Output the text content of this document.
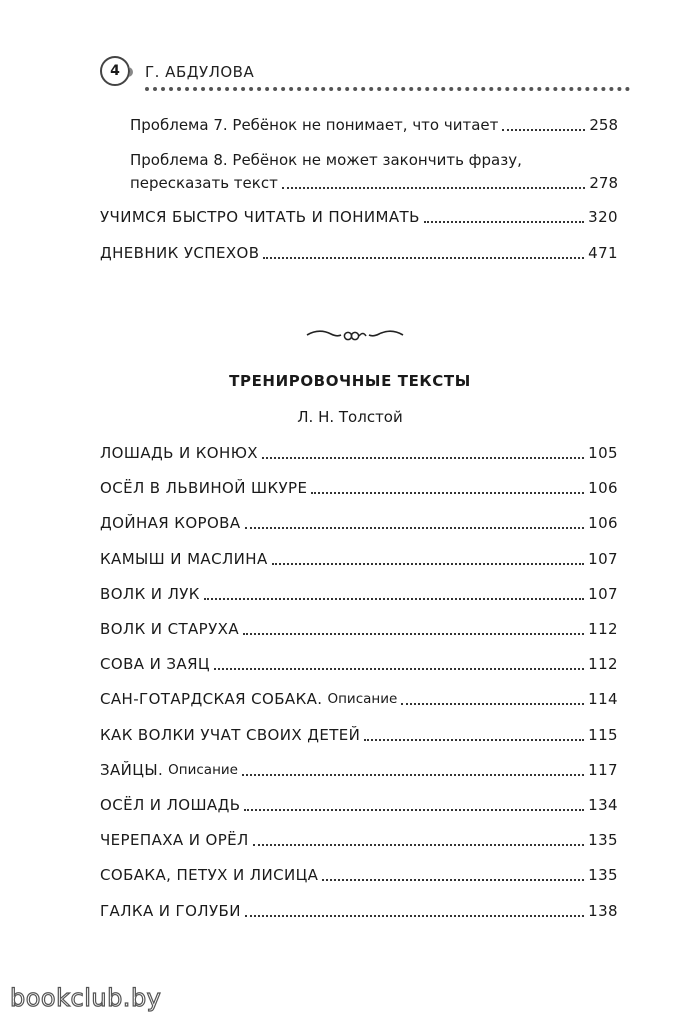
4	Г. АБДУЛОВА
Проблема 7. Ребёнок не понимает, что читает	258
Проблема 8. Ребёнок не может закончить фразу,
пересказать текст	278
УЧИМСЯ БЫСТРО ЧИТАТЬ И ПОНИМАТЬ	320
ДНЕВНИК УСПЕХОВ	471
ТРЕНИРОВОЧНЫЕ ТЕКСТЫ
Л. Н. Толстой
ЛОШАДЬ И КОНЮХ	105
ОСЁЛ В ЛЬВИНОЙ ШКУРЕ	106
ДОЙНАЯ КОРОВА	106
КАМЫШ И МАСЛИНА	107
ВОЛК И ЛУК	107
ВОЛК И СТАРУХА	112
СОВА И ЗАЯЦ	112
САН-ГОТАРДСКАЯ СОБАКА. Описание	114
КАК ВОЛКИ УЧАТ СВОИХ ДЕТЕЙ	115
ЗАЙЦЫ. Описание	117
ОСЁЛ И ЛОШАДЬ	134
ЧЕРЕПАХА И ОРЁЛ	135
СОБАКА, ПЕТУХ И ЛИСИЦА	135
ГАЛКА И ГОЛУБИ	138
bookclub.by
